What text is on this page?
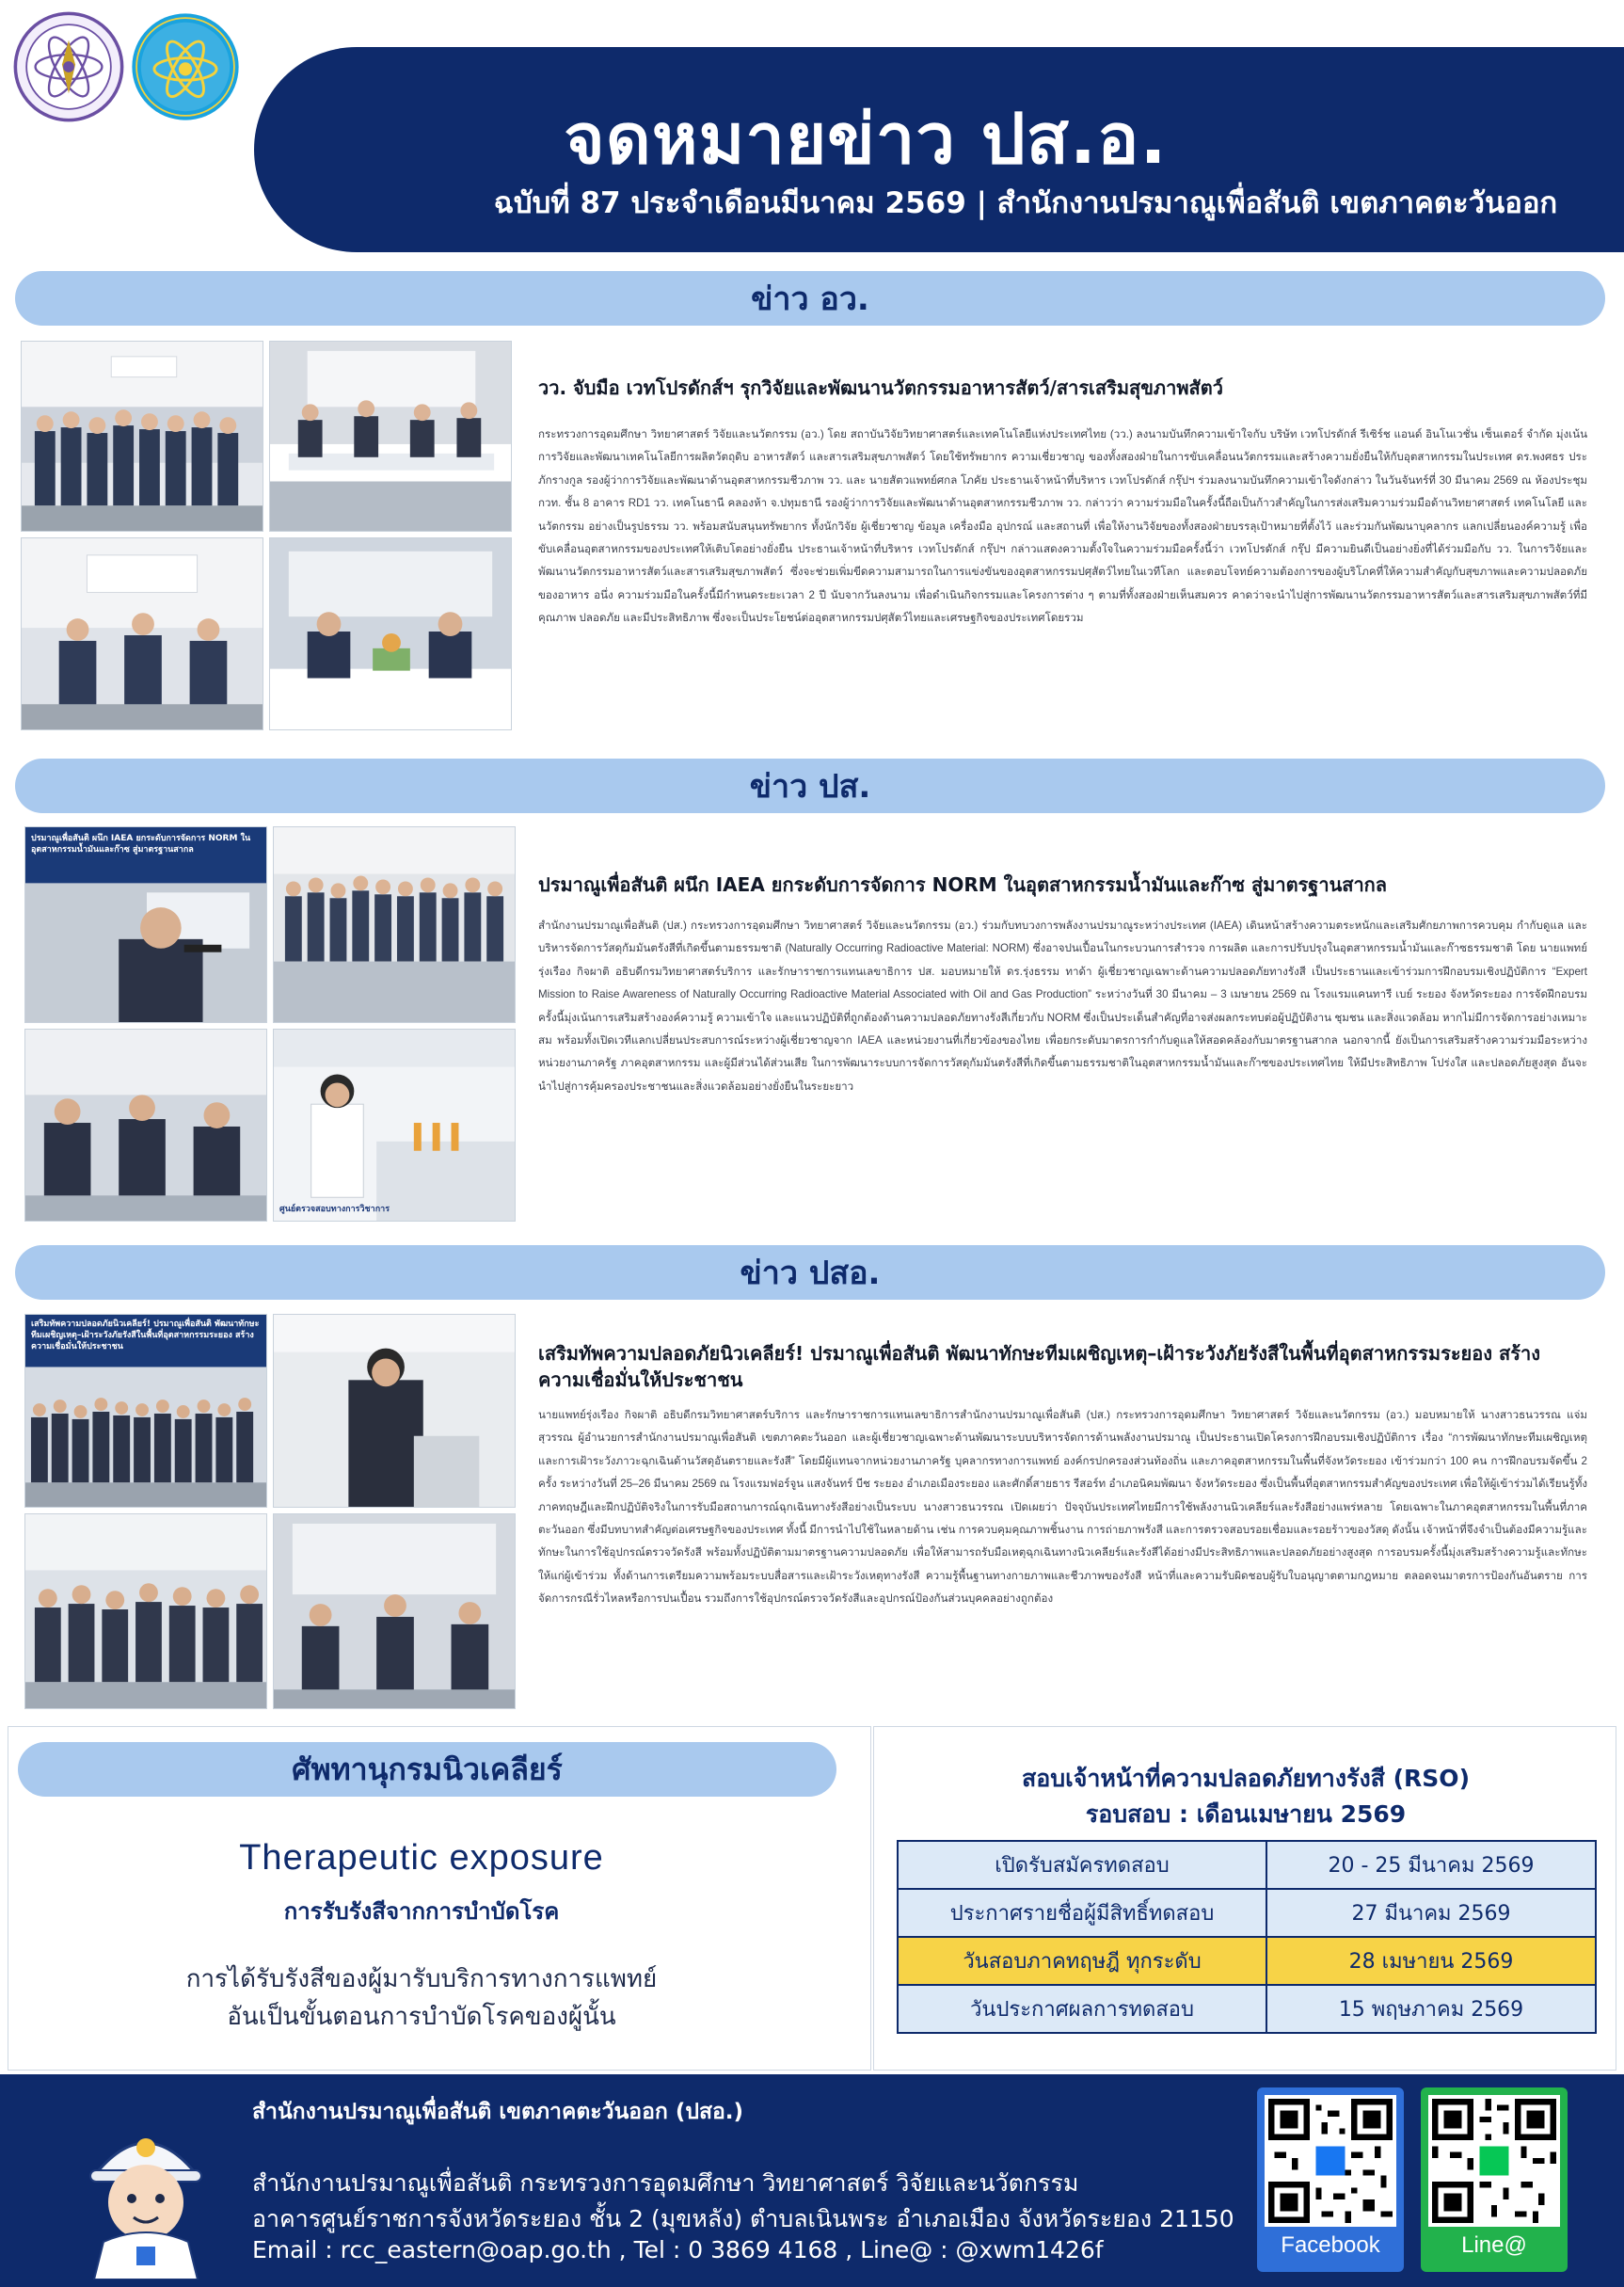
จดหมายข่าว ปส.อ.
ฉบับที่ 87 ประจำเดือนมีนาคม 2569 | สำนักงานปรมาณูเพื่อสันติ เขตภาคตะวันออก
ข่าว อว.
วว. จับมือ เวทโปรดักส์ฯ รุกวิจัยและพัฒนานวัตกรรมอาหารสัตว์/สารเสริมสุขภาพสัตว์
กระทรวงการอุดมศึกษา วิทยาศาสตร์ วิจัยและนวัตกรรม (อว.) โดย สถาบันวิจัยวิทยาศาสตร์และเทคโนโลยีแห่งประเทศไทย (วว.) ลงนามบันทึกความเข้าใจกับ บริษัท เวทโปรดักส์ รีเซิร์ช แอนด์ อินโนเวชั่น เซ็นเตอร์ จำกัด มุ่งเน้นการวิจัยและพัฒนาเทคโนโลยีการผลิตวัตถุดิบ อาหารสัตว์ และสารเสริมสุขภาพสัตว์ โดยใช้ทรัพยากร ความเชี่ยวชาญ ของทั้งสองฝ่ายในการขับเคลื่อนนวัตกรรมและสร้างความยั่งยืนให้กับอุตสาหกรรมในประเทศ ดร.พงศธร ประภักรางกูล รองผู้ว่าการวิจัยและพัฒนาด้านอุตสาหกรรมชีวภาพ วว. และ นายสัตวแพทย์ศกล โภคัย ประธานเจ้าหน้าที่บริหาร เวทโปรดักส์ กรุ๊ปฯ ร่วมลงนามบันทึกความเข้าใจดังกล่าว ในวันจันทร์ที่ 30 มีนาคม 2569 ณ ห้องประชุม กวท. ชั้น 8 อาคาร RD1 วว. เทคโนธานี คลองห้า จ.ปทุมธานี รองผู้ว่าการวิจัยและพัฒนาด้านอุตสาหกรรมชีวภาพ วว. กล่าวว่า ความร่วมมือในครั้งนี้ถือเป็นก้าวสำคัญในการส่งเสริมความร่วมมือด้านวิทยาศาสตร์ เทคโนโลยี และนวัตกรรม อย่างเป็นรูปธรรม วว. พร้อมสนับสนุนทรัพยากร ทั้งนักวิจัย ผู้เชี่ยวชาญ ข้อมูล เครื่องมือ อุปกรณ์ และสถานที่ เพื่อให้งานวิจัยของทั้งสองฝ่ายบรรลุเป้าหมายที่ตั้งไว้ และร่วมกันพัฒนาบุคลากร แลกเปลี่ยนองค์ความรู้ เพื่อขับเคลื่อนอุตสาหกรรมของประเทศให้เติบโตอย่างยั่งยืน ประธานเจ้าหน้าที่บริหาร เวทโปรดักส์ กรุ๊ปฯ กล่าวแสดงความตั้งใจในความร่วมมือครั้งนี้ว่า เวทโปรดักส์ กรุ๊ป มีความยินดีเป็นอย่างยิ่งที่ได้ร่วมมือกับ วว. ในการวิจัยและพัฒนานวัตกรรมอาหารสัตว์และสารเสริมสุขภาพสัตว์ ซึ่งจะช่วยเพิ่มขีดความสามารถในการแข่งขันของอุตสาหกรรมปศุสัตว์ไทยในเวทีโลก และตอบโจทย์ความต้องการของผู้บริโภคที่ให้ความสำคัญกับสุขภาพและความปลอดภัยของอาหาร อนึ่ง ความร่วมมือในครั้งนี้มีกำหนดระยะเวลา 2 ปี นับจากวันลงนาม เพื่อดำเนินกิจกรรมและโครงการต่าง ๆ ตามที่ทั้งสองฝ่ายเห็นสมควร คาดว่าจะนำไปสู่การพัฒนานวัตกรรมอาหารสัตว์และสารเสริมสุขภาพสัตว์ที่มีคุณภาพ ปลอดภัย และมีประสิทธิภาพ ซึ่งจะเป็นประโยชน์ต่ออุตสาหกรรมปศุสัตว์ไทยและเศรษฐกิจของประเทศโดยรวม
ข่าว ปส.
ปรมาณูเพื่อสันติ ผนึก IAEA ยกระดับการจัดการ NORM ในอุตสาหกรรมน้ำมันและก๊าซ สู่มาตรฐานสากล
ศูนย์ตรวจสอบทางการวิชาการ
ปรมาณูเพื่อสันติ ผนึก IAEA ยกระดับการจัดการ NORM ในอุตสาหกรรมน้ำมันและก๊าซ สู่มาตรฐานสากล
สำนักงานปรมาณูเพื่อสันติ (ปส.) กระทรวงการอุดมศึกษา วิทยาศาสตร์ วิจัยและนวัตกรรม (อว.) ร่วมกับทบวงการพลังงานปรมาณูระหว่างประเทศ (IAEA) เดินหน้าสร้างความตระหนักและเสริมศักยภาพการควบคุม กำกับดูแล และบริหารจัดการวัสดุกัมมันตรังสีที่เกิดขึ้นตามธรรมชาติ (Naturally Occurring Radioactive Material: NORM) ซึ่งอาจปนเปื้อนในกระบวนการสำรวจ การผลิต และการปรับปรุงในอุตสาหกรรมน้ำมันและก๊าซธรรมชาติ โดย นายแพทย์รุ่งเรือง กิจผาติ อธิบดีกรมวิทยาศาสตร์บริการ และรักษาราชการแทนเลขาธิการ ปส. มอบหมายให้ ดร.รุ่งธรรม ทาด้า ผู้เชี่ยวชาญเฉพาะด้านความปลอดภัยทางรังสี เป็นประธานและเข้าร่วมการฝึกอบรมเชิงปฏิบัติการ “Expert Mission to Raise Awareness of Naturally Occurring Radioactive Material Associated with Oil and Gas Production” ระหว่างวันที่ 30 มีนาคม – 3 เมษายน 2569 ณ โรงแรมแคนทารี เบย์ ระยอง จังหวัดระยอง การจัดฝึกอบรมครั้งนี้มุ่งเน้นการเสริมสร้างองค์ความรู้ ความเข้าใจ และแนวปฏิบัติที่ถูกต้องด้านความปลอดภัยทางรังสีเกี่ยวกับ NORM ซึ่งเป็นประเด็นสำคัญที่อาจส่งผลกระทบต่อผู้ปฏิบัติงาน ชุมชน และสิ่งแวดล้อม หากไม่มีการจัดการอย่างเหมาะสม พร้อมทั้งเปิดเวทีแลกเปลี่ยนประสบการณ์ระหว่างผู้เชี่ยวชาญจาก IAEA และหน่วยงานที่เกี่ยวข้องของไทย เพื่อยกระดับมาตรการกำกับดูแลให้สอดคล้องกับมาตรฐานสากล นอกจากนี้ ยังเป็นการเสริมสร้างความร่วมมือระหว่างหน่วยงานภาครัฐ ภาคอุตสาหกรรม และผู้มีส่วนได้ส่วนเสีย ในการพัฒนาระบบการจัดการวัสดุกัมมันตรังสีที่เกิดขึ้นตามธรรมชาติในอุตสาหกรรมน้ำมันและก๊าซของประเทศไทย ให้มีประสิทธิภาพ โปร่งใส และปลอดภัยสูงสุด อันจะนำไปสู่การคุ้มครองประชาชนและสิ่งแวดล้อมอย่างยั่งยืนในระยะยาว
ข่าว ปสอ.
เสริมทัพความปลอดภัยนิวเคลียร์! ปรมาณูเพื่อสันติ พัฒนาทักษะทีมเผชิญเหตุ–เฝ้าระวังภัยรังสีในพื้นที่อุตสาหกรรมระยอง สร้างความเชื่อมั่นให้ประชาชน	เสริมทัพความปลอดภัยนิวเคลียร์! ปรมาณูเพื่อสันติ พัฒนาทักษะทีมเผชิญเหตุ–เฝ้าระวังภัยรังสีในพื้นที่อุตสาหกรรมระยอง สร้างความเชื่อมั่นให้ประชาชน
นายแพทย์รุ่งเรือง กิจผาติ อธิบดีกรมวิทยาศาสตร์บริการ และรักษาราชการแทนเลขาธิการสำนักงานปรมาณูเพื่อสันติ (ปส.) กระทรวงการอุดมศึกษา วิทยาศาสตร์ วิจัยและนวัตกรรม (อว.) มอบหมายให้ นางสาวธนวรรณ แจ่มสุวรรณ ผู้อำนวยการสำนักงานปรมาณูเพื่อสันติ เขตภาคตะวันออก และผู้เชี่ยวชาญเฉพาะด้านพัฒนาระบบบริหารจัดการด้านพลังงานปรมาณู เป็นประธานเปิดโครงการฝึกอบรมเชิงปฏิบัติการ เรื่อง “การพัฒนาทักษะทีมเผชิญเหตุและการเฝ้าระวังภาวะฉุกเฉินด้านวัสดุอันตรายและรังสี” โดยมีผู้แทนจากหน่วยงานภาครัฐ บุคลากรทางการแพทย์ องค์กรปกครองส่วนท้องถิ่น และภาคอุตสาหกรรมในพื้นที่จังหวัดระยอง เข้าร่วมกว่า 100 คน การฝึกอบรมจัดขึ้น 2 ครั้ง ระหว่างวันที่ 25–26 มีนาคม 2569 ณ โรงแรมฟอร์จูน แสงจันทร์ บีช ระยอง อำเภอเมืองระยอง และศักดิ์สายธาร รีสอร์ท อำเภอนิคมพัฒนา จังหวัดระยอง ซึ่งเป็นพื้นที่อุตสาหกรรมสำคัญของประเทศ เพื่อให้ผู้เข้าร่วมได้เรียนรู้ทั้งภาคทฤษฎีและฝึกปฏิบัติจริงในการรับมือสถานการณ์ฉุกเฉินทางรังสีอย่างเป็นระบบ นางสาวธนวรรณ เปิดเผยว่า ปัจจุบันประเทศไทยมีการใช้พลังงานนิวเคลียร์และรังสีอย่างแพร่หลาย โดยเฉพาะในภาคอุตสาหกรรมในพื้นที่ภาคตะวันออก ซึ่งมีบทบาทสำคัญต่อเศรษฐกิจของประเทศ ทั้งนี้ มีการนำไปใช้ในหลายด้าน เช่น การควบคุมคุณภาพชิ้นงาน การถ่ายภาพรังสี และการตรวจสอบรอยเชื่อมและรอยร้าวของวัสดุ ดังนั้น เจ้าหน้าที่จึงจำเป็นต้องมีความรู้และทักษะในการใช้อุปกรณ์ตรวจวัดรังสี พร้อมทั้งปฏิบัติตามมาตรฐานความปลอดภัย เพื่อให้สามารถรับมือเหตุฉุกเฉินทางนิวเคลียร์และรังสีได้อย่างมีประสิทธิภาพและปลอดภัยอย่างสูงสุด การอบรมครั้งนี้มุ่งเสริมสร้างความรู้และทักษะให้แก่ผู้เข้าร่วม ทั้งด้านการเตรียมความพร้อมระบบสื่อสารและเฝ้าระวังเหตุทางรังสี ความรู้พื้นฐานทางกายภาพและชีวภาพของรังสี หน้าที่และความรับผิดชอบผู้รับใบอนุญาตตามกฎหมาย ตลอดจนมาตรการป้องกันอันตราย การจัดการกรณีรั่วไหลหรือการปนเปื้อน รวมถึงการใช้อุปกรณ์ตรวจวัดรังสีและอุปกรณ์ป้องกันส่วนบุคคลอย่างถูกต้อง
ศัพทานุกรมนิวเคลียร์
Therapeutic exposure
การรับรังสีจากการบำบัดโรค
การได้รับรังสีของผู้มารับบริการทางการแพทย์
อันเป็นขั้นตอนการบำบัดโรคของผู้นั้น
สอบเจ้าหน้าที่ความปลอดภัยทางรังสี (RSO)
รอบสอบ : เดือนเมษายน 2569
เปิดรับสมัครทดสอบ	20 - 25 มีนาคม 2569
ประกาศรายชื่อผู้มีสิทธิ์ทดสอบ	27 มีนาคม 2569
วันสอบภาคทฤษฎี ทุกระดับ	28 เมษายน 2569
วันประกาศผลการทดสอบ	15 พฤษภาคม 2569
สำนักงานปรมาณูเพื่อสันติ เขตภาคตะวันออก (ปสอ.)
สำนักงานปรมาณูเพื่อสันติ กระทรวงการอุดมศึกษา วิทยาศาสตร์ วิจัยและนวัตกรรม
อาคารศูนย์ราชการจังหวัดระยอง ชั้น 2 (มุขหลัง) ตำบลเนินพระ อำเภอเมือง จังหวัดระยอง 21150
Email : rcc_eastern@oap.go.th , Tel : 0 3869 4168 , Line@ : @xwm1426f	Facebook	Line@
